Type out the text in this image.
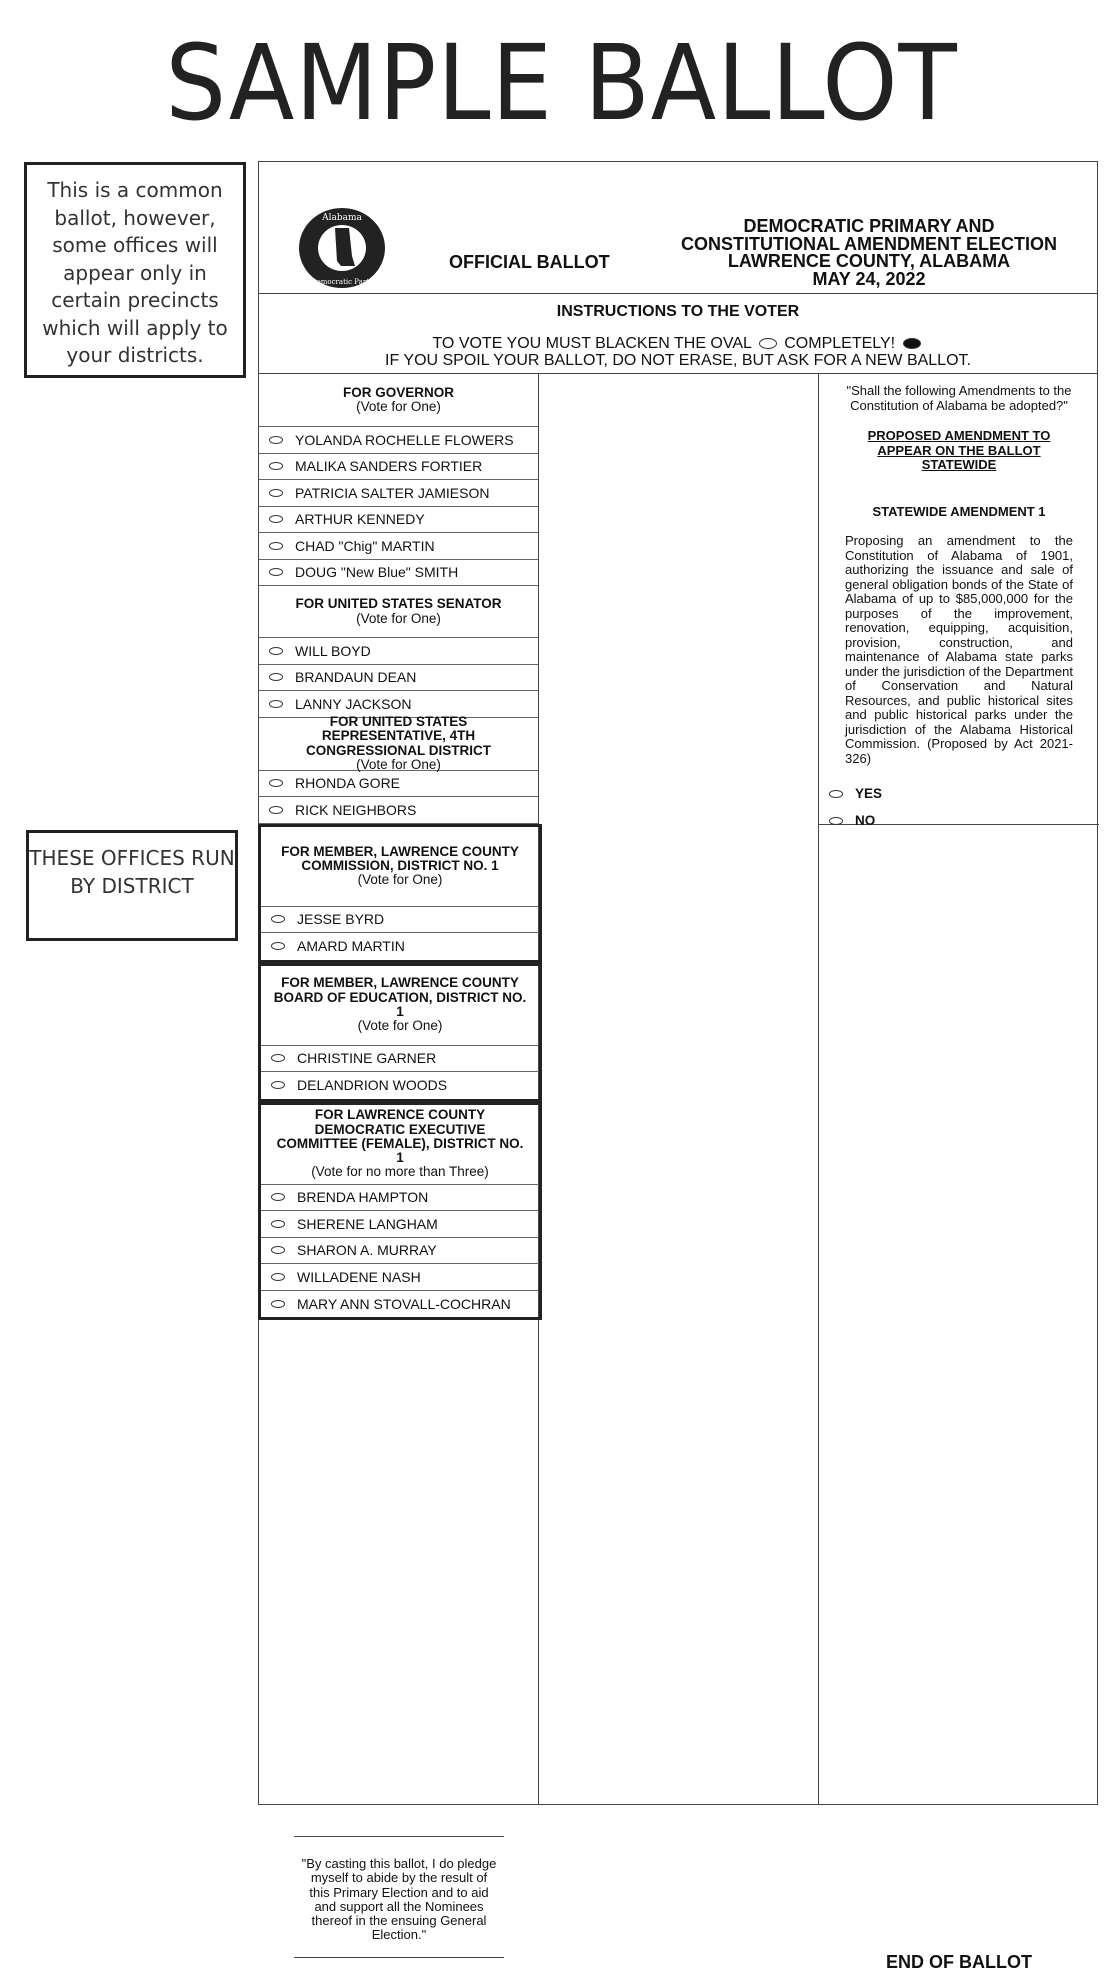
SAMPLE BALLOT
This is a common ballot, however, some offices will appear only in certain precincts which will apply to your districts.
THESE OFFICES RUN BY DISTRICT
Alabama
Democratic Party
OFFICIAL BALLOT
DEMOCRATIC PRIMARY AND
CONSTITUTIONAL AMENDMENT ELECTION
LAWRENCE COUNTY, ALABAMA
MAY 24, 2022
INSTRUCTIONS TO THE VOTER

TO VOTE YOU MUST BLACKEN THE OVAL COMPLETELY!

IF YOU SPOIL YOUR BALLOT, DO NOT ERASE, BUT ASK FOR A NEW BALLOT.

FOR GOVERNOR
(Vote for One)
YOLANDA ROCHELLE FLOWERS
MALIKA SANDERS FORTIER
PATRICIA SALTER JAMIESON
ARTHUR KENNEDY
CHAD "Chig" MARTIN
DOUG "New Blue" SMITH
FOR UNITED STATES SENATOR
(Vote for One)
WILL BOYD
BRANDAUN DEAN
LANNY JACKSON
FOR UNITED STATES REPRESENTATIVE, 4TH CONGRESSIONAL DISTRICT
(Vote for One)
RHONDA GORE
RICK NEIGHBORS
FOR MEMBER, LAWRENCE COUNTY COMMISSION, DISTRICT NO. 1
(Vote for One)
JESSE BYRD
AMARD MARTIN
FOR MEMBER, LAWRENCE COUNTY BOARD OF EDUCATION, DISTRICT NO. 1
(Vote for One)
CHRISTINE GARNER
DELANDRION WOODS
FOR LAWRENCE COUNTY DEMOCRATIC EXECUTIVE COMMITTEE (FEMALE), DISTRICT NO. 1
(Vote for no more than Three)
BRENDA HAMPTON
SHERENE LANGHAM
SHARON A. MURRAY
WILLADENE NASH
MARY ANN STOVALL-COCHRAN
"By casting this ballot, I do pledge myself to abide by the result of this Primary Election and to aid and support all the Nominees thereof in the ensuing General Election."
"Shall the following Amendments to the Constitution of Alabama be adopted?"
PROPOSED AMENDMENT TO APPEAR ON THE BALLOT STATEWIDE
STATEWIDE AMENDMENT 1
Proposing an amendment to the Constitution of Alabama of 1901, authorizing the issuance and sale of general obligation bonds of the State of Alabama of up to $85,000,000 for the purposes of the improvement, renovation, equipping, acquisition, provision, construction, and maintenance of Alabama state parks under the jurisdiction of the Department of Conservation and Natural Resources, and public historical sites and public historical parks under the jurisdiction of the Alabama Historical Commission. (Proposed by Act 2021-326)
YES
NO
END OF BALLOT
